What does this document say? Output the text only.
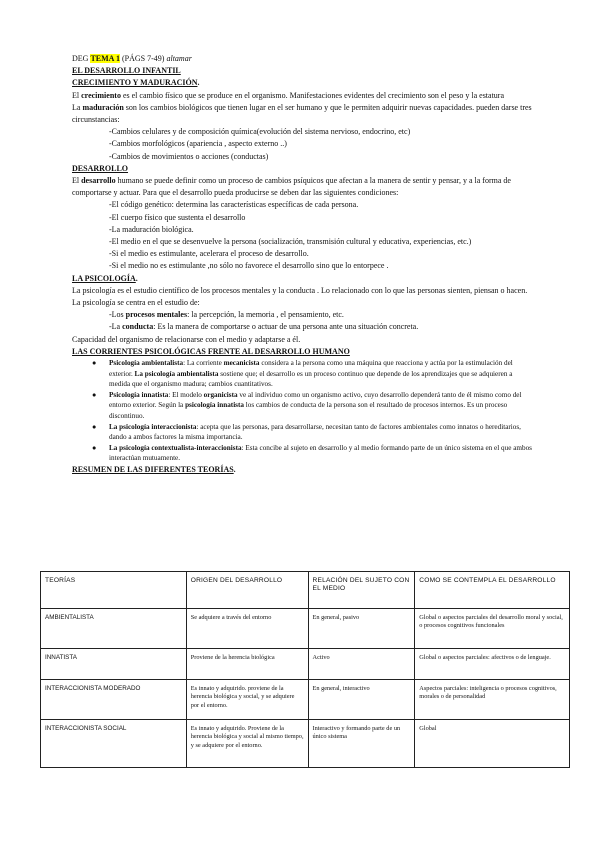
DEG TEMA 1 (PÁGS 7-49) altamar
EL DESARROLLO INFANTIL
CRECIMIENTO Y MADURACIÓN.
El crecimiento es el cambio físico que se produce en el organismo. Manifestaciones evidentes del crecimiento son el peso y la estatura
La maduración son los cambios biológicos que tienen lugar en el ser humano y que le permiten adquirir nuevas capacidades. pueden darse tres circunstancias:
-Cambios celulares y de composición química(evolución del sistema nervioso, endocrino, etc)
-Cambios morfológicos (apariencia , aspecto externo ..)
-Cambios de movimientos o acciones (conductas)
DESARROLLO
El desarrollo humano se puede definir como un proceso de cambios psíquicos que afectan a la manera de sentir y pensar, y a la forma de comportarse y actuar. Para que el desarrollo pueda producirse se deben dar las siguientes condiciones:
-El código genético: determina las características específicas de cada persona.
-El cuerpo físico que sustenta el desarrollo
-La maduración biológica.
-El medio en el que se desenvuelve la persona (socialización, transmisión cultural y educativa, experiencias, etc.)
-Si el medio es estimulante, acelerara el proceso de desarrollo.
-Si el medio no es estimulante ,no sólo no favorece el desarrollo sino que lo entorpece .
LA PSICOLOGÍA.
La psicología es el estudio científico de los procesos mentales y la conducta . Lo relacionado con lo que las personas sienten, piensan o hacen. La psicología se centra en el estudio de:
-Los procesos mentales: la percepción, la memoria , el pensamiento, etc.
-La conducta: Es la manera de comportarse o actuar de una persona ante una situación concreta.
Capacidad del organismo de relacionarse con el medio y adaptarse a él.
LAS CORRIENTES PSICOLÓGICAS FRENTE AL DESARROLLO HUMANO
● Psicología ambientalista: La corriente mecanicista considera a la persona como una máquina que reacciona y actúa por la estimulación del exterior. La psicología ambientalista sostiene que; el desarrollo es un proceso continuo que depende de los aprendizajes que se adquieren a medida que el organismo madura; cambios cuantitativos.
● Psicología innatista: El modelo organicista ve al individuo como un organismo activo, cuyo desarrollo dependerá tanto de él mismo como del entorno exterior. Según la psicología innatista los cambios de conducta de la persona son el resultado de procesos internos. Es un proceso discontinuo.
● La psicología interaccionista: acepta que las personas, para desarrollarse, necesitan tanto de factores ambientales como innatos o hereditarios, dando a ambos factores la misma importancia.
● La psicología contextualista-interaccionista: Esta concibe al sujeto en desarrollo y al medio formando parte de un único sistema en el que ambos interactúan mutuamente.
RESUMEN DE LAS DIFERENTES TEORÍAS.
TEORÍAS	ORIGEN DEL DESARROLLO	RELACIÓN DEL SUJETO CON EL MEDIO	COMO SE CONTEMPLA EL DESARROLLO
AMBIENTALISTA	Se adquiere a través del entorno	En general, pasivo	Global o aspectos parciales del desarrollo moral y social, o procesos cognitivos funcionales
INNATISTA	Proviene de la herencia biológica	Activo	Global o aspectos parciales: afectivos o de lenguaje.
INTERACCIONISTA MODERADO	Es innato y adquirido. proviene de la herencia biológica y social, y se adquiere por el entorno.	En general, interactivo	Aspectos parciales: inteligencia o procesos cognitivos, morales o de personalidad
INTERACCIONISTA SOCIAL	Es innato y adquirido. Proviene de la herencia biológica y social al mismo tiempo, y se adquiere por el entorno.	Interactivo y formando parte de un único sistema	Global
